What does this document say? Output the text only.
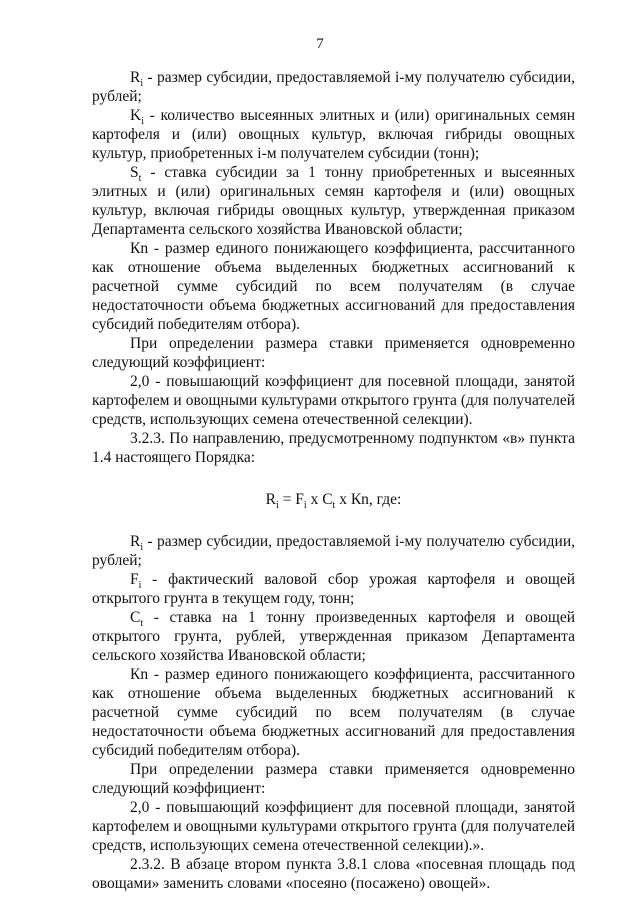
7

$R_i$ - размер субсидии, предоставляемой i-му получателю субсидии, рублей;

$K_i$ - количество высеянных элитных и (или) оригинальных семян картофеля и (или) овощных культур, включая гибриды овощных культур, приобретенных i-м получателем субсидии (тонн);

$S_t$ - ставка субсидии за 1 тонну приобретенных и высеянных элитных и (или) оригинальных семян картофеля и (или) овощных культур, включая гибриды овощных культур, утвержденная приказом Департамента сельского хозяйства Ивановской области;

Кn - размер единого понижающего коэффициента, рассчитанного как отношение объема выделенных бюджетных ассигнований к расчетной сумме субсидий по всем получателям (в случае недостаточности объема бюджетных ассигнований для предоставления субсидий победителям отбора).

При определении размера ставки применяется одновременно следующий коэффициент:

2,0 - повышающий коэффициент для посевной площади, занятой картофелем и овощными культурами открытого грунта (для получателей средств, использующих семена отечественной селекции).

3.2.3. По направлению, предусмотренному подпунктом «в» пункта 1.4 настоящего Порядка:

$R_i = F_i$ х $C_t$ х Кn, где:

$R_i$ - размер субсидии, предоставляемой i-му получателю субсидии, рублей;

$F_i$ - фактический валовой сбор урожая картофеля и овощей открытого грунта в текущем году, тонн;

$C_t$ - ставка на 1 тонну произведенных картофеля и овощей открытого грунта, рублей, утвержденная приказом Департамента сельского хозяйства Ивановской области;

Кn - размер единого понижающего коэффициента, рассчитанного как отношение объема выделенных бюджетных ассигнований к расчетной сумме субсидий по всем получателям (в случае недостаточности объема бюджетных ассигнований для предоставления субсидий победителям отбора).

При определении размера ставки применяется одновременно следующий коэффициент:

2,0 - повышающий коэффициент для посевной площади, занятой картофелем и овощными культурами открытого грунта (для получателей средств, использующих семена отечественной селекции).».

2.3.2. В абзаце втором пункта 3.8.1 слова «посевная площадь под овощами» заменить словами «посеяно (посажено) овощей».
